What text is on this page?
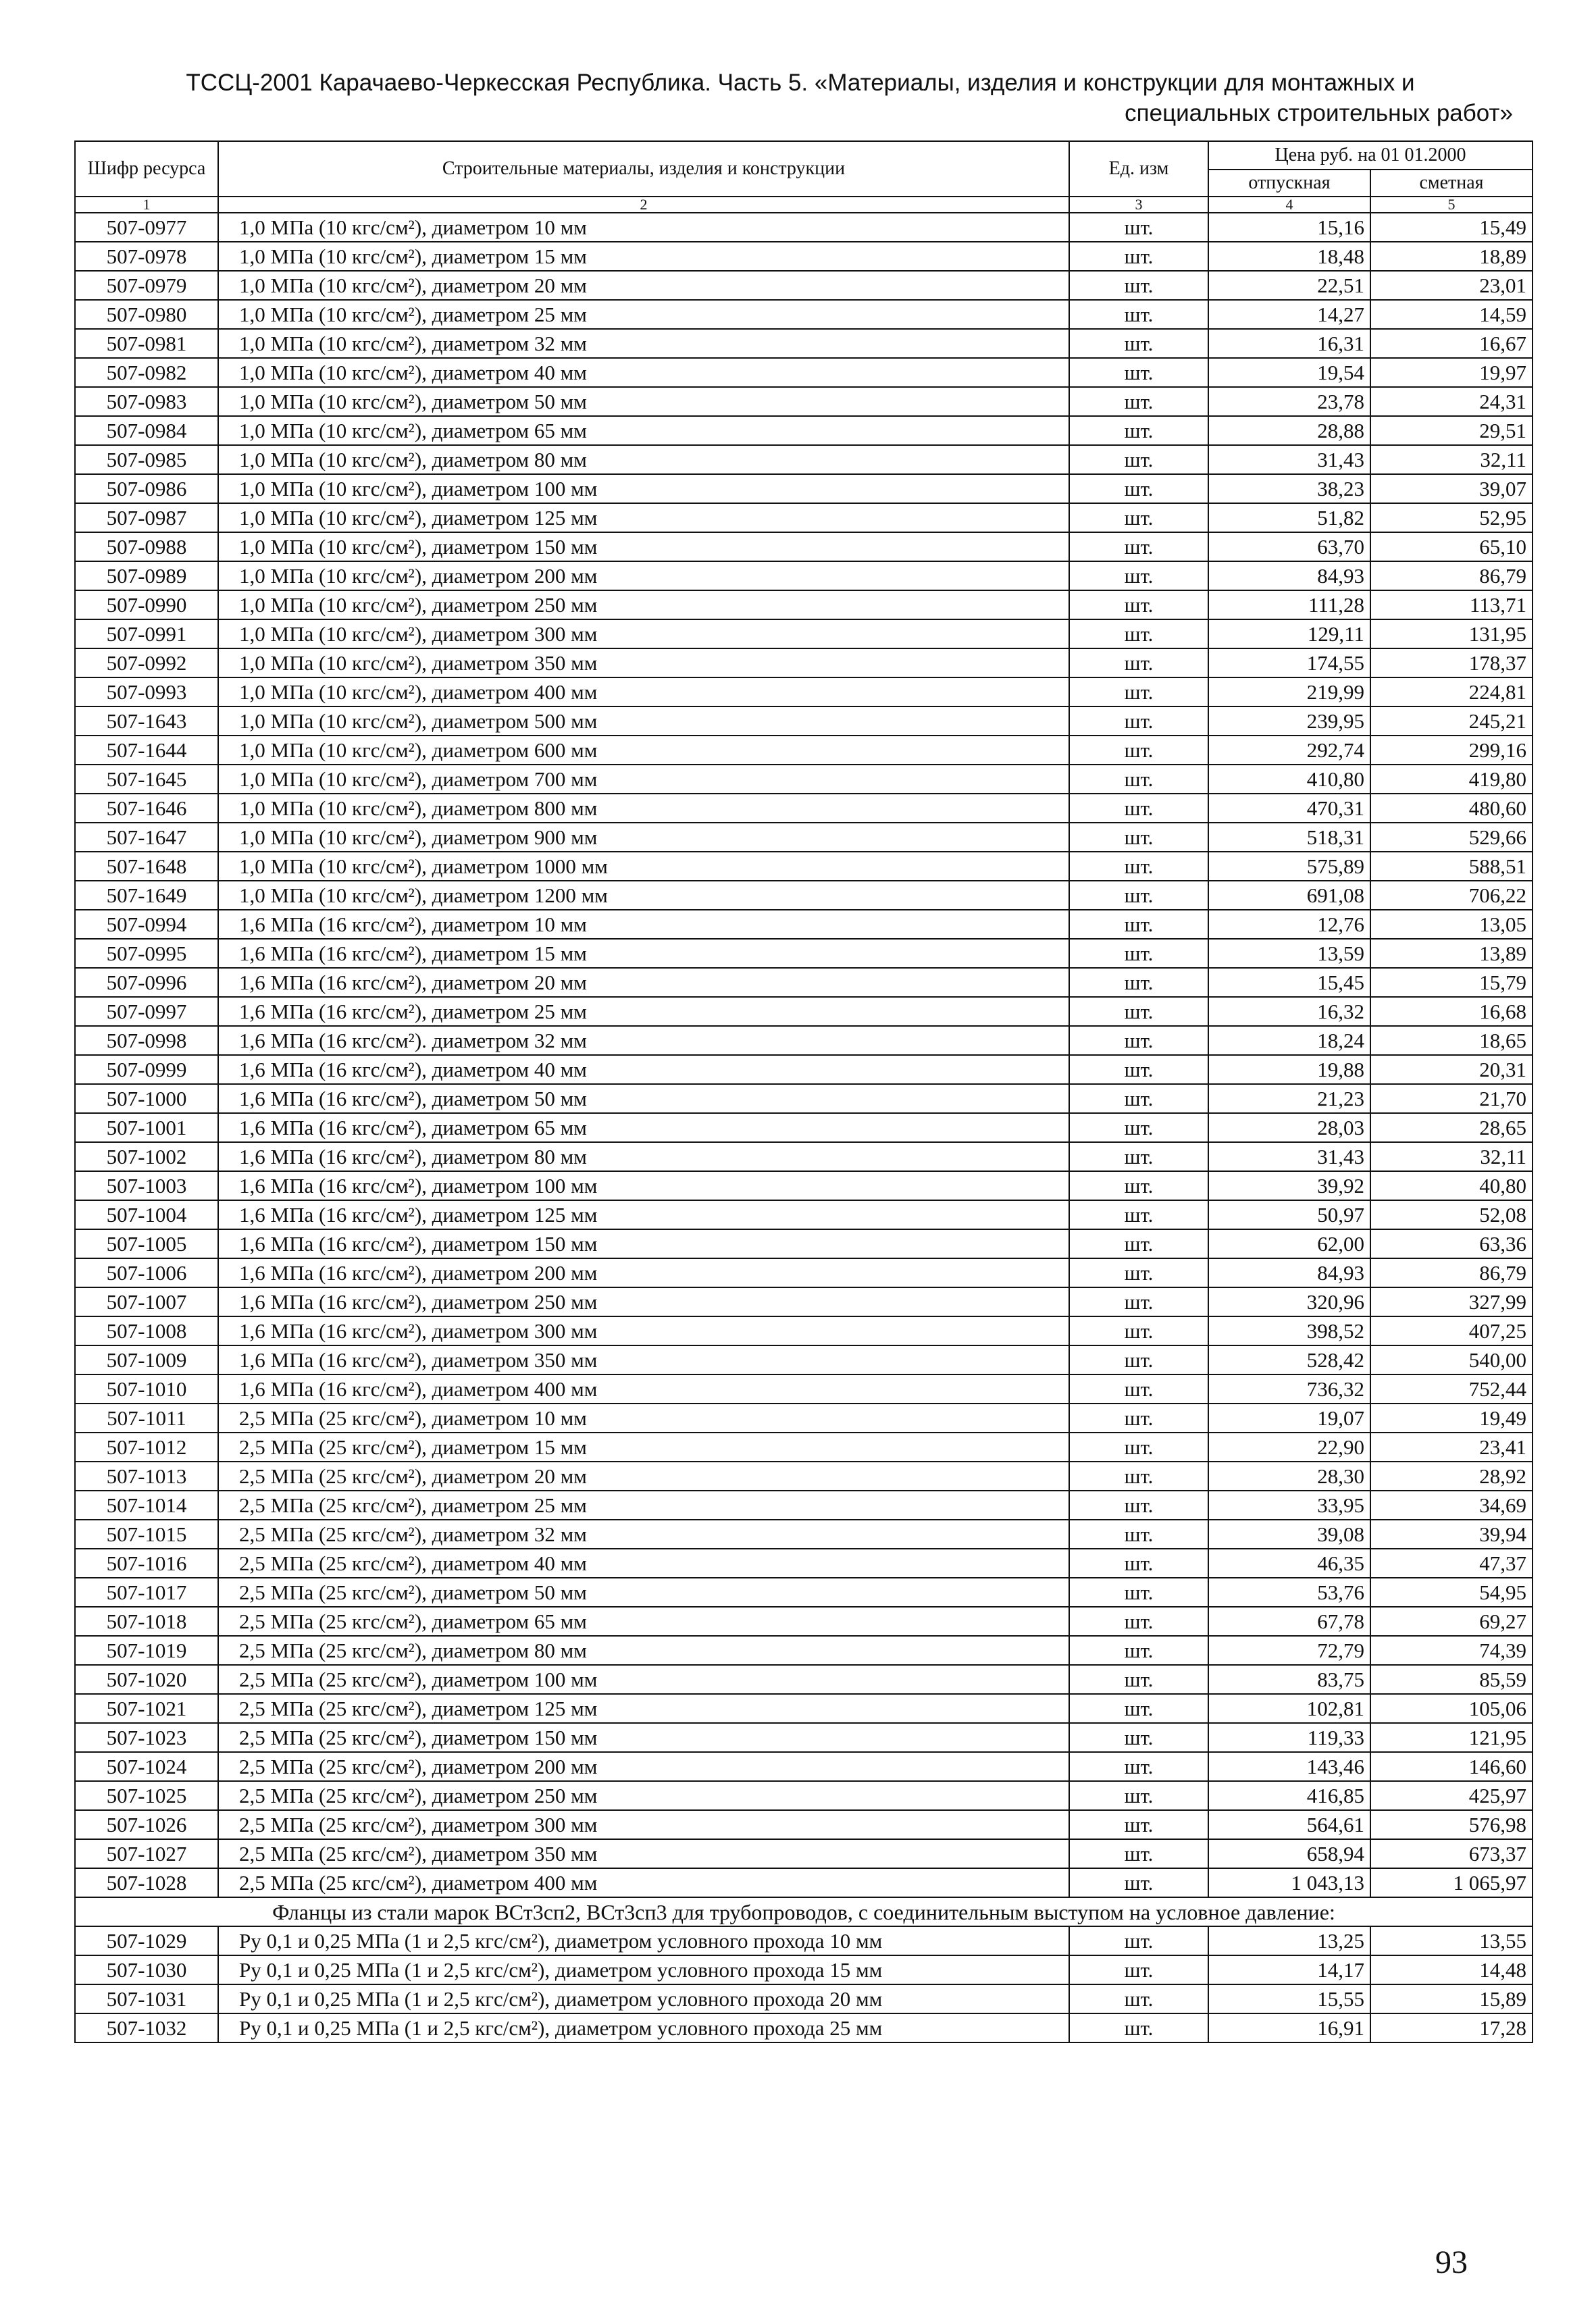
ТССЦ-2001 Карачаево-Черкесская Республика. Часть 5. «Материалы, изделия и конструкции для монтажных и
специальных строительных работ»
Шифр ресурса	Строительные материалы, изделия и конструкции	Ед. изм	Цена руб. на 01 01.2000	
			отпускная	сметная
1	2	3	4	5
507-0977	1,0 МПа (10 кгс/см²), диаметром 10 мм	шт.	15,16	15,49
507-0978	1,0 МПа (10 кгс/см²), диаметром 15 мм	шт.	18,48	18,89
507-0979	1,0 МПа (10 кгс/см²), диаметром 20 мм	шт.	22,51	23,01
507-0980	1,0 МПа (10 кгс/см²), диаметром 25 мм	шт.	14,27	14,59
507-0981	1,0 МПа (10 кгс/см²), диаметром 32 мм	шт.	16,31	16,67
507-0982	1,0 МПа (10 кгс/см²), диаметром 40 мм	шт.	19,54	19,97
507-0983	1,0 МПа (10 кгс/см²), диаметром 50 мм	шт.	23,78	24,31
507-0984	1,0 МПа (10 кгс/см²), диаметром 65 мм	шт.	28,88	29,51
507-0985	1,0 МПа (10 кгс/см²), диаметром 80 мм	шт.	31,43	32,11
507-0986	1,0 МПа (10 кгс/см²), диаметром 100 мм	шт.	38,23	39,07
507-0987	1,0 МПа (10 кгс/см²), диаметром 125 мм	шт.	51,82	52,95
507-0988	1,0 МПа (10 кгс/см²), диаметром 150 мм	шт.	63,70	65,10
507-0989	1,0 МПа (10 кгс/см²), диаметром 200 мм	шт.	84,93	86,79
507-0990	1,0 МПа (10 кгс/см²), диаметром 250 мм	шт.	111,28	113,71
507-0991	1,0 МПа (10 кгс/см²), диаметром 300 мм	шт.	129,11	131,95
507-0992	1,0 МПа (10 кгс/см²), диаметром 350 мм	шт.	174,55	178,37
507-0993	1,0 МПа (10 кгс/см²), диаметром 400 мм	шт.	219,99	224,81
507-1643	1,0 МПа (10 кгс/см²), диаметром 500 мм	шт.	239,95	245,21
507-1644	1,0 МПа (10 кгс/см²), диаметром 600 мм	шт.	292,74	299,16
507-1645	1,0 МПа (10 кгс/см²), диаметром 700 мм	шт.	410,80	419,80
507-1646	1,0 МПа (10 кгс/см²), диаметром 800 мм	шт.	470,31	480,60
507-1647	1,0 МПа (10 кгс/см²), диаметром 900 мм	шт.	518,31	529,66
507-1648	1,0 МПа (10 кгс/см²), диаметром 1000 мм	шт.	575,89	588,51
507-1649	1,0 МПа (10 кгс/см²), диаметром 1200 мм	шт.	691,08	706,22
507-0994	1,6 МПа (16 кгс/см²), диаметром 10 мм	шт.	12,76	13,05
507-0995	1,6 МПа (16 кгс/см²), диаметром 15 мм	шт.	13,59	13,89
507-0996	1,6 МПа (16 кгс/см²), диаметром 20 мм	шт.	15,45	15,79
507-0997	1,6 МПа (16 кгс/см²), диаметром 25 мм	шт.	16,32	16,68
507-0998	1,6 МПа (16 кгс/см²). диаметром 32 мм	шт.	18,24	18,65
507-0999	1,6 МПа (16 кгс/см²), диаметром 40 мм	шт.	19,88	20,31
507-1000	1,6 МПа (16 кгс/см²), диаметром 50 мм	шт.	21,23	21,70
507-1001	1,6 МПа (16 кгс/см²), диаметром 65 мм	шт.	28,03	28,65
507-1002	1,6 МПа (16 кгс/см²), диаметром 80 мм	шт.	31,43	32,11
507-1003	1,6 МПа (16 кгс/см²), диаметром 100 мм	шт.	39,92	40,80
507-1004	1,6 МПа (16 кгс/см²), диаметром 125 мм	шт.	50,97	52,08
507-1005	1,6 МПа (16 кгс/см²), диаметром 150 мм	шт.	62,00	63,36
507-1006	1,6 МПа (16 кгс/см²), диаметром 200 мм	шт.	84,93	86,79
507-1007	1,6 МПа (16 кгс/см²), диаметром 250 мм	шт.	320,96	327,99
507-1008	1,6 МПа (16 кгс/см²), диаметром 300 мм	шт.	398,52	407,25
507-1009	1,6 МПа (16 кгс/см²), диаметром 350 мм	шт.	528,42	540,00
507-1010	1,6 МПа (16 кгс/см²), диаметром 400 мм	шт.	736,32	752,44
507-1011	2,5 МПа (25 кгс/см²), диаметром 10 мм	шт.	19,07	19,49
507-1012	2,5 МПа (25 кгс/см²), диаметром 15 мм	шт.	22,90	23,41
507-1013	2,5 МПа (25 кгс/см²), диаметром 20 мм	шт.	28,30	28,92
507-1014	2,5 МПа (25 кгс/см²), диаметром 25 мм	шт.	33,95	34,69
507-1015	2,5 МПа (25 кгс/см²), диаметром 32 мм	шт.	39,08	39,94
507-1016	2,5 МПа (25 кгс/см²), диаметром 40 мм	шт.	46,35	47,37
507-1017	2,5 МПа (25 кгс/см²), диаметром 50 мм	шт.	53,76	54,95
507-1018	2,5 МПа (25 кгс/см²), диаметром 65 мм	шт.	67,78	69,27
507-1019	2,5 МПа (25 кгс/см²), диаметром 80 мм	шт.	72,79	74,39
507-1020	2,5 МПа (25 кгс/см²), диаметром 100 мм	шт.	83,75	85,59
507-1021	2,5 МПа (25 кгс/см²), диаметром 125 мм	шт.	102,81	105,06
507-1023	2,5 МПа (25 кгс/см²), диаметром 150 мм	шт.	119,33	121,95
507-1024	2,5 МПа (25 кгс/см²), диаметром 200 мм	шт.	143,46	146,60
507-1025	2,5 МПа (25 кгс/см²), диаметром 250 мм	шт.	416,85	425,97
507-1026	2,5 МПа (25 кгс/см²), диаметром 300 мм	шт.	564,61	576,98
507-1027	2,5 МПа (25 кгс/см²), диаметром 350 мм	шт.	658,94	673,37
507-1028	2,5 МПа (25 кгс/см²), диаметром 400 мм	шт.	1 043,13	1 065,97
Фланцы из стали марок ВСт3сп2, ВСт3сп3 для трубопроводов, с соединительным выступом на условное давление:				
507-1029	Ру 0,1 и 0,25 МПа (1 и 2,5 кгс/см²), диаметром условного прохода 10 мм	шт.	13,25	13,55
507-1030	Ру 0,1 и 0,25 МПа (1 и 2,5 кгс/см²), диаметром условного прохода 15 мм	шт.	14,17	14,48
507-1031	Ру 0,1 и 0,25 МПа (1 и 2,5 кгс/см²), диаметром условного прохода 20 мм	шт.	15,55	15,89
507-1032	Ру 0,1 и 0,25 МПа (1 и 2,5 кгс/см²), диаметром условного прохода 25 мм	шт.	16,91	17,28
93
